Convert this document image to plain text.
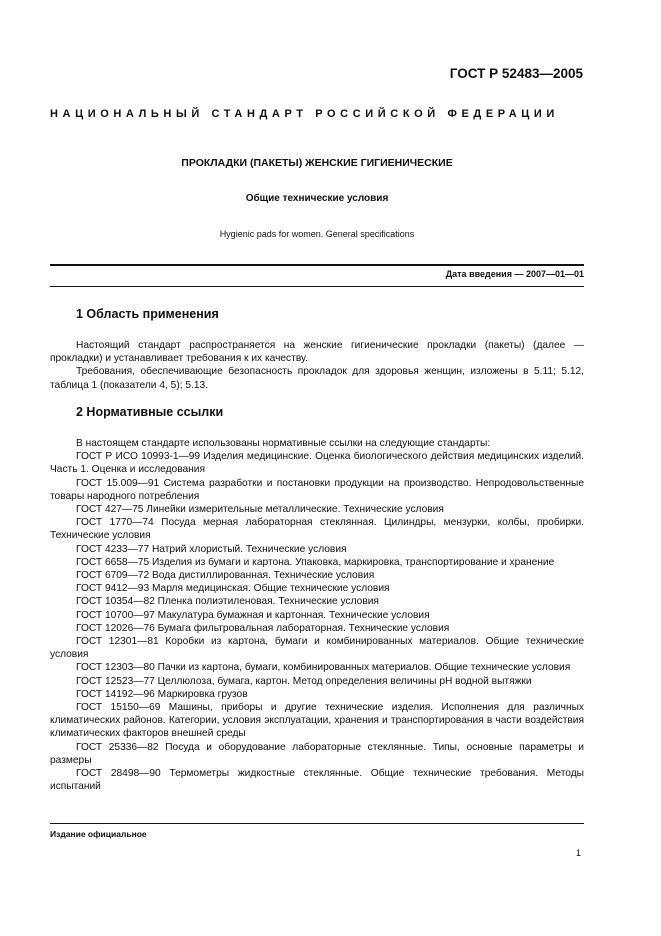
ГОСТ Р 52483—2005
НАЦИОНАЛЬНЫЙ СТАНДАРТ РОССИЙСКОЙ ФЕДЕРАЦИИ
ПРОКЛАДКИ (ПАКЕТЫ) ЖЕНСКИЕ ГИГИЕНИЧЕСКИЕ
Общие технические условия
Hygienic pads for women. General specifications
Дата введения — 2007—01—01
1 Область применения

Настоящий стандарт распространяется на женские гигиенические прокладки (пакеты) (далее — прокладки) и устанавливает требования к их качеству.

Требования, обеспечивающие безопасность прокладок для здоровья женщин, изложены в 5.11; 5.12, таблица 1 (показатели 4, 5); 5.13.

2 Нормативные ссылки

В настоящем стандарте использованы нормативные ссылки на следующие стандарты:

ГОСТ Р ИСО 10993-1—99 Изделия медицинские. Оценка биологического действия медицинских изделий. Часть 1. Оценка и исследования

ГОСТ 15.009—91 Система разработки и постановки продукции на производство. Непродовольственные товары народного потребления

ГОСТ 427—75 Линейки измерительные металлические. Технические условия

ГОСТ 1770—74 Посуда мерная лабораторная стеклянная. Цилиндры, мензурки, колбы, пробирки. Технические условия

ГОСТ 4233—77 Натрий хлористый. Технические условия

ГОСТ 6658—75 Изделия из бумаги и картона. Упаковка, маркировка, транспортирование и хранение

ГОСТ 6709—72 Вода дистиллированная. Технические условия

ГОСТ 9412—93 Марля медицинская. Общие технические условия

ГОСТ 10354—82 Пленка полиэтиленовая. Технические условия

ГОСТ 10700—97 Макулатура бумажная и картонная. Технические условия

ГОСТ 12026—76 Бумага фильтровальная лабораторная. Технические условия

ГОСТ 12301—81 Коробки из картона, бумаги и комбинированных материалов. Общие технические условия

ГОСТ 12303—80 Пачки из картона, бумаги, комбинированных материалов. Общие технические условия

ГОСТ 12523—77 Целлюлоза, бумага, картон. Метод определения величины pH водной вытяжки

ГОСТ 14192—96 Маркировка грузов

ГОСТ 15150—69 Машины, приборы и другие технические изделия. Исполнения для различных климатических районов. Категории, условия эксплуатации, хранения и транспортирования в части воздействия климатических факторов внешней среды

ГОСТ 25336—82 Посуда и оборудование лабораторные стеклянные. Типы, основные параметры и размеры

ГОСТ 28498—90 Термометры жидкостные стеклянные. Общие технические требования. Методы испытаний

Издание официальное
1
